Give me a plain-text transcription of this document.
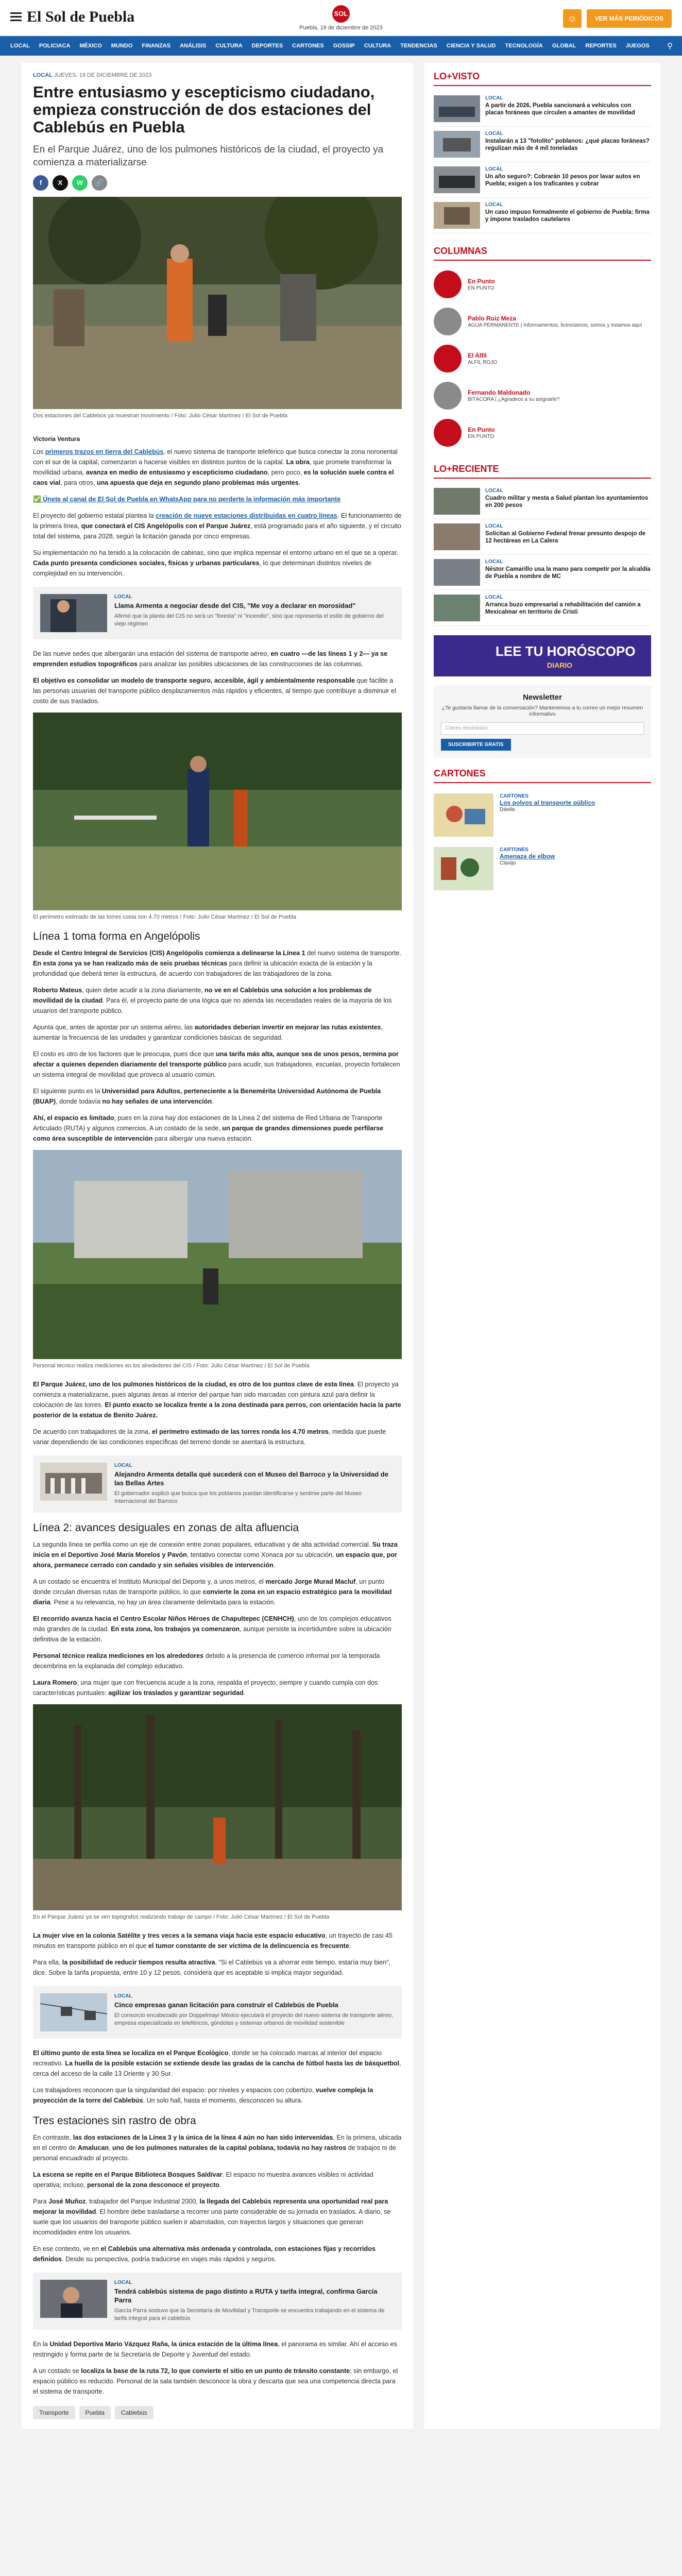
El Sol de Puebla	SOL
Puebla, 19 de diciembre de 2023
☺	VER MÁS PERIÓDICOS
LOCAL POLICIACA MÉXICO MUNDO FINANZAS ANÁLISIS CULTURA DEPORTES CARTONES GOSSIP CULTURA TENDENCIAS CIENCIA Y SALUD TECNOLOGÍA GLOBAL REPORTES JUEGOS ⚲
LOCAL JUEVES, 19 DE DICIEMBRE DE 2023
Entre entusiasmo y escepticismo ciudadano, empieza construcción de dos estaciones del Cablebús en Puebla

En el Parque Juárez, uno de los pulmones históricos de la ciudad, el proyecto ya comienza a materializarse

f	X	W	🔗

Dos estaciones del Cablebús ya muestran movimiento / Foto: Julio César Martínez / El Sol de Puebla

Victoria Ventura

Los primeros trazos en tierra del Cablebús, el nuevo sistema de transporte teleférico que busca conectar la zona nororiental con el sur de la capital, comenzaron a hacerse visibles en distintos puntos de la capital. La obra, que promete transformar la movilidad urbana, avanza en medio de entusiasmo y escepticismo ciudadano, pero poco, es la solución suele contra el caos vial, para otros, una apuesta que deja en segundo plano problemas más urgentes.

✅ Únete al canal de El Sol de Puebla en WhatsApp para no perderte la información más importante

El proyecto del gobierno estatal plantea la creación de nueve estaciones distribuidas en cuatro líneas. El funcionamiento de la primera línea, que conectará el CIS Angelópolis con el Parque Juárez, está programado para el año siguiente, y el circuito total del sistema, para 2028, según la licitación ganada por cinco empresas.

Su implementación no ha tenido a la colocación de cabinas, sino que implica repensar el entorno urbano en el que se a operar. Cada punto presenta condiciones sociales, físicas y urbanas particulares, lo que determinan distintos niveles de complejidad en su intervención.

LOCAL
Llama Armenta a negociar desde del CIS, "Me voy a declarar en morosidad"
Afirmó que la planta del CIS no será un "foresta" ni "incendio", sino que representa el estilo de gobierno del viejo régimen

De las nueve sedes que albergarán una estación del sistema de transporte aéreo, en cuatro —de las líneas 1 y 2— ya se emprenden estudios topográficos para analizar las posibles ubicaciones de las construcciones de las columnas.

El objetivo es consolidar un modelo de transporte seguro, accesible, ágil y ambientalmente responsable que facilite a las personas usuarias del transporte público desplazamientos más rápidos y eficientes, al tiempo que contribuye a disminuir el costo de sus traslados.

El perímetro estimado de las torres costa son 4.70 metros / Foto: Julio César Martínez / El Sol de Puebla

Línea 1 toma forma en Angelópolis

Desde el Centro Integral de Servicios (CIS) Angelópolis comienza a delinearse la Línea 1 del nuevo sistema de transporte. En esta zona ya se han realizado más de seis pruebas técnicas para definir la ubicación exacta de la estación y la profundidad que deberá tener la estructura, de acuerdo con trabajadores de las trabajadores de la zona.

Roberto Mateus, quien debe acudir a la zona diariamente, no ve en el Cablebús una solución a los problemas de movilidad de la ciudad. Para él, el proyecto parte de una lógica que no atienda las necesidades reales de la mayoría de los usuarios del transporte público.

Apunta que, antes de apostar por un sistema aéreo, las autoridades deberían invertir en mejorar las rutas existentes, aumentar la frecuencia de las unidades y garantizar condiciones básicas de seguridad.

El costo es otro de los factores que le preocupa, pues dice que una tarifa más alta, aunque sea de unos pesos, termina por afectar a quienes dependen diariamente del transporte público para acudir, sus trabajadores, escuelas, proyecto fortalecen un sistema integral de movilidad que proveca al usuario común.

El siguiente punto es la Universidad para Adultos, perteneciente a la Benemérita Universidad Autónoma de Puebla (BUAP), donde todavía no hay señales de una intervención.

Ahí, el espacio es limitado, pues en la zona hay dos estaciones de la Línea 2 del sistema de Red Urbana de Transporte Articulado (RUTA) y algunos comercios. A un costado de la sede, un parque de grandes dimensiones puede perfilarse como área susceptible de intervención para albergar una nueva estación.

Personal técnico realiza mediciones en los alrededores del CIS / Foto: Julio César Martínez / El Sol de Puebla

El Parque Juárez, uno de los pulmones históricos de la ciudad, es otro de los puntos clave de esta línea. El proyecto ya comienza a materializarse, pues algunas áreas al interior del parque han sido marcadas con pintura azul para definir la colocación de las torres. El punto exacto se localiza frente a la zona destinada para perros, con orientación hacia la parte posterior de la estatua de Benito Juárez.

De acuerdo con trabajadores de la zona, el perímetro estimado de las torres ronda los 4.70 metros, medida que puede variar dependiendo de las condiciones específicas del terreno donde se asentará la estructura.

LOCAL
Alejandro Armenta detalla qué sucederá con el Museo del Barroco y la Universidad de las Bellas Artes
El gobernador explicó que busca que los poblanos puedan identificarse y sentirse parte del Museo Internacional del Barroco
Línea 2: avances desiguales en zonas de alta afluencia

La segunda línea se perfila como un eje de conexión entre zonas populares, educativas y de alta actividad comercial. Su traza inicia en el Deportivo José María Morelos y Pavón, tentativo conectar como Xonaca por su ubicación, un espacio que, por ahora, permanece cerrado con candado y sin señales visibles de intervención.

A un costado se encuentra el Instituto Municipal del Deporte y, a unos metros, el mercado Jorge Murad Macluf, un punto donde circulan diversas rutas de transporte público, lo que convierte la zona en un espacio estratégico para la movilidad diaria. Pese a su relevancia, no hay un área claramente delimitada para la estación.

El recorrido avanza hacia el Centro Escolar Niños Héroes de Chapultepec (CENHCH), uno de los complejos educativos más grandes de la ciudad. En esta zona, los trabajos ya comenzaron, aunque persiste la incertidumbre sobre la ubicación definitiva de la estación.

Personal técnico realiza mediciones en los alrededores debido a la presencia de comercio informal por la temporada decembrina en la explanada del complejo educativo.

Laura Romero, una mujer que con frecuencia acude a la zona, respalda el proyecto, siempre y cuando cumpla con dos características puntuales: agilizar los traslados y garantizar seguridad.

En el Parque Juárez ya se ven topógrafos realizando trabajo de campo / Foto: Julio César Martínez / El Sol de Puebla

La mujer vive en la colonia Satélite y tres veces a la semana viaja hacia este espacio educativo, un trayecto de casi 45 minutos en transporte público en el que el tumor constante de ser víctima de la delincuencia es frecuente.

Para ella, la posibilidad de reducir tiempos resulta atractiva. "Si el Cablebús va a ahorrar este tiempo, estaría muy bien", dice. Sobre la tarifa propuesta, entre 10 y 12 pesos, considera que es aceptable si implica mayor seguridad.

LOCAL
Cinco empresas ganan licitación para construir el Cablebús de Puebla
El consorcio encabezado por Doppelmayr México ejecutará el proyecto del nuevo sistema de transporte aéreo, empresa especializada en teleféricos, góndolas y sistemas urbanos de movilidad sostenible

El último punto de esta línea se localiza en el Parque Ecológico, donde se ha colocado marcas al interior del espacio recreativo. La huella de la posible estación se extiende desde las gradas de la cancha de fútbol hasta las de básquetbol, cerca del acceso de la calle 13 Oriente y 30 Sur.

Los trabajadores reconocen que la singularidad del espacio: por niveles y espacios con cobertizo, vuelve compleja la proyección de la torre del Cablebús. Un solo hall, hasta el momento, desconocen su altura.

Tres estaciones sin rastro de obra

En contraste, las dos estaciones de la Línea 3 y la única de la línea 4 aún no han sido intervenidas. En la primera, ubicada en el centro de Amalucan, uno de los pulmones naturales de la capital poblana, todavía no hay rastros de trabajos ni de personal encuadrado al proyecto.

La escena se repite en el Parque Biblioteca Bosques Saldívar. El espacio no muestra avances visibles ni actividad operativa; incluso, personal de la zona desconoce el proyecto.

Para José Muñoz, trabajador del Parque Industrial 2000, la llegada del Cablebús representa una oportunidad real para mejorar la movilidad. El hombre debe trasladarse a recorrer una parte considerable de su jornada en traslados. A diario, se suele que los usuarios del transporte público suelen ir abarrotados, con trayectos largos y situaciones que generan incomodidades entre los usuarios.

En ese contexto, ve en el Cablebús una alternativa más ordenada y controlada, con estaciones fijas y recorridos definidos. Desde su perspectiva, podría traducirse en viajes más rápidos y seguros.

LOCAL
Tendrá cablebús sistema de pago distinto a RUTA y tarifa integral, confirma García Parra
García Parra sostuvo que la Secretaría de Movilidad y Transporte se encuentra trabajando en el sistema de tarifa integral para el cablebús

En la Unidad Deportiva Mario Vázquez Raña, la única estación de la última línea, el panorama es similar. Ahí el acceso es restringido y forma parte de la Secretaría de Deporte y Juventud del estado.

A un costado se localiza la base de la ruta 72, lo que convierte el sitio en un punto de tránsito constante; sin embargo, el espacio público es reducido. Personal de la sala también desconoce la obra y descarta que sea una competencia directa para el sistema de transporte.

Transporte	Puebla	Cablebús
LO+VISTO
LOCAL
A partir de 2026, Puebla sancionará a vehículos con placas foráneas que circulen a amantes de movilidad
LOCAL
Instalarán a 13 "fotolito" poblanos: ¿qué placas foráneas? regulizan más de 4 mil toneladas
LOCAL
Un año seguro?: Cobrarán 10 pesos por lavar autos en Puebla; exigen a los traficantes y cobrar
LOCAL
Un caso impuso formalmente el gobierno de Puebla: firma y impone traslados cautelares
COLUMNAS
En Punto
EN PUNTO
Pablo Ruiz Meza
AGUA PERMANENTE | Informamentos, licenciamos, somos y estamos aquí
El Alfil
ALFIL ROJO
Fernando Maldonado
BITÁCORA | ¿Agradece a su asignarle?
En Punto
EN PUNTO
LO+RECIENTE
LOCAL
Cuadro militar y mesta a Salud plantan los ayuntamientos en 200 pesos
LOCAL
Solicitan al Gobierno Federal frenar presunto despojo de 12 hectáreas en La Calera
LOCAL
Néstor Camarillo usa la mano para competir por la alcaldía de Puebla a nombre de MC
LOCAL
Arranca buzo empresarial a rehabilitación del camión a Mexicalmar en territorio de Cristi
LEE TU HORÓSCOPO
DIARIO
Newsletter
¿Te gustaría llamar de la conversación? Mantenemos a tu correo un mejor resumen informativo
Correo electrónico
SUSCRIBIRTE GRATIS
CARTONES
CARTONES
Los polvos al transporte público
Dávila
CARTONES
Amenaza de elbow
Clavijo
